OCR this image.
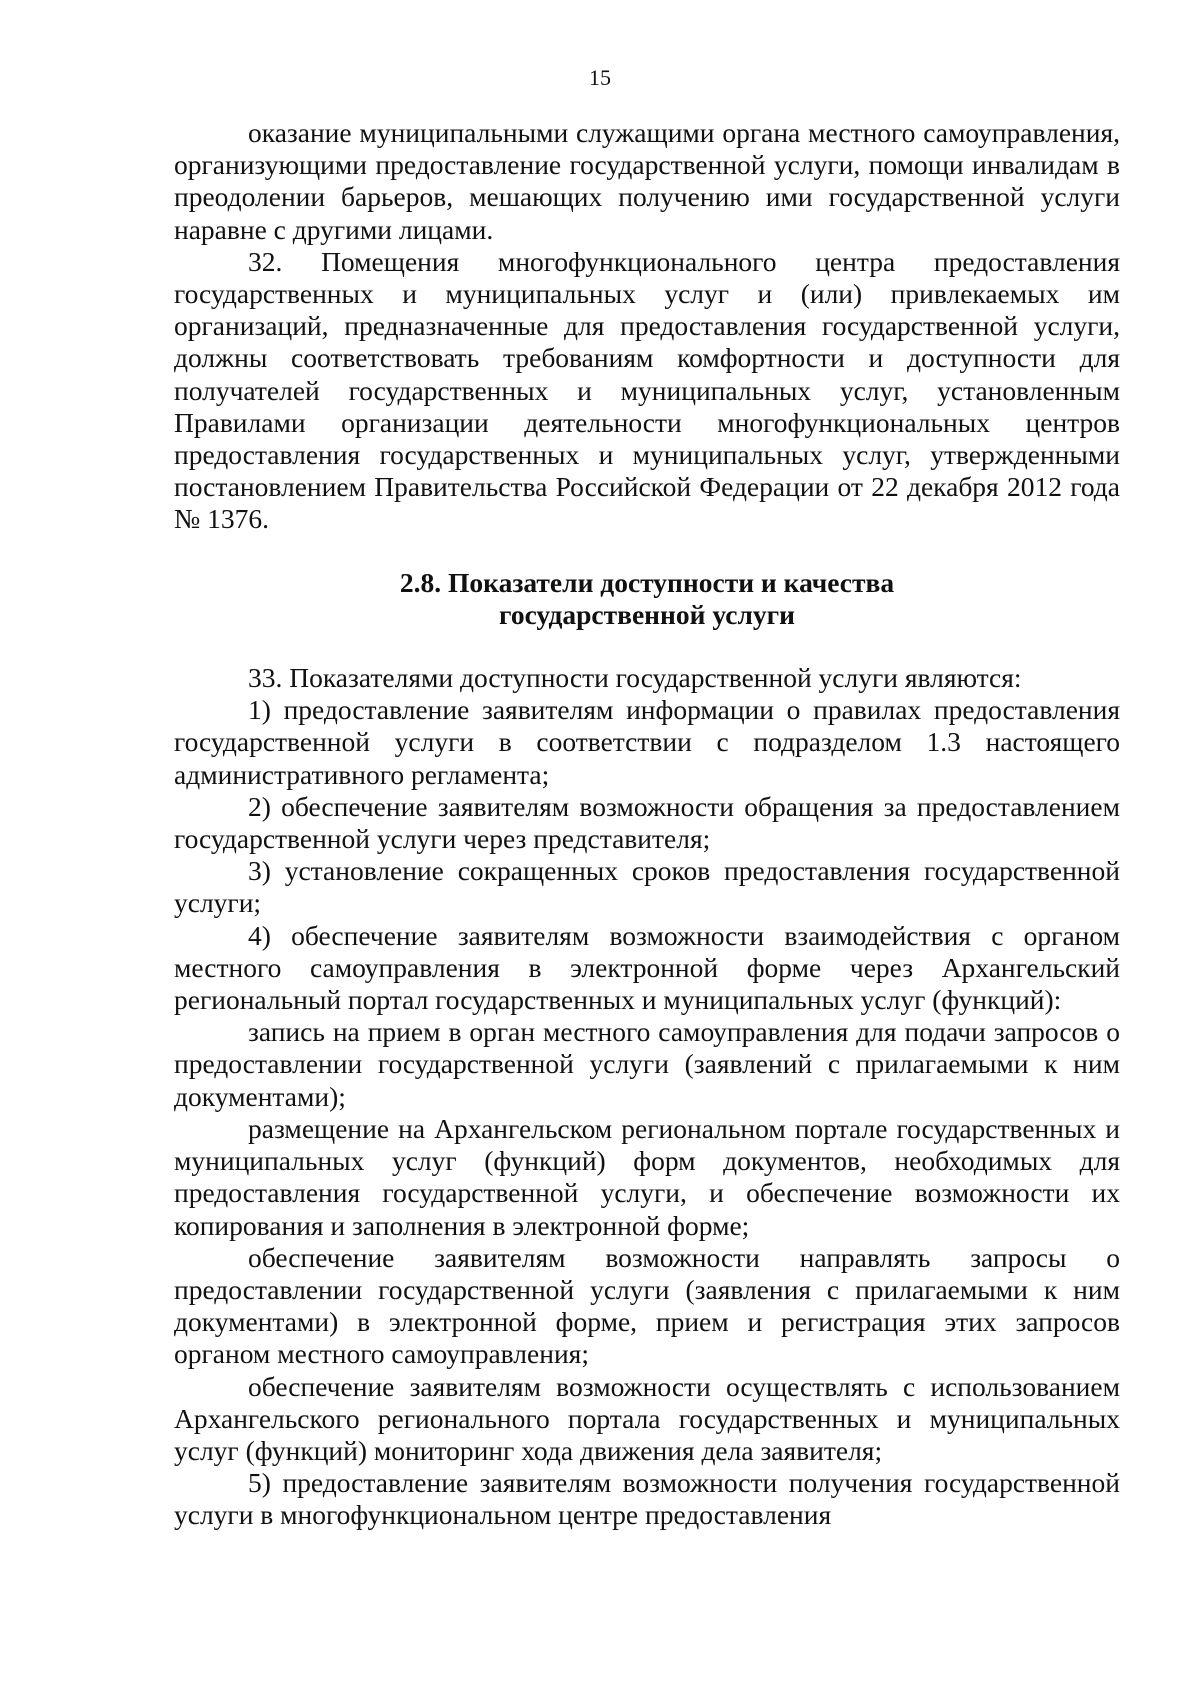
15

оказание муниципальными служащими органа местного самоуправления, организующими предоставление государственной услуги, помощи инвалидам в преодолении барьеров, мешающих получению ими государственной услуги наравне с другими лицами.

32. Помещения многофункционального центра предоставления государственных и муниципальных услуг и (или) привлекаемых им организаций, предназначенные для предоставления государственной услуги, должны соответствовать требованиям комфортности и доступности для получателей государственных и муниципальных услуг, установленным Правилами организации деятельности многофункциональных центров предоставления государственных и муниципальных услуг, утвержденными постановлением Правительства Российской Федерации от 22 декабря 2012 года № 1376.

2.8. Показатели доступности и качества
государственной услуги

33. Показателями доступности государственной услуги являются:

1) предоставление заявителям информации о правилах предоставления государственной услуги в соответствии с подразделом 1.3 настоящего административного регламента;

2) обеспечение заявителям возможности обращения за предоставлением государственной услуги через представителя;

3) установление сокращенных сроков предоставления государственной услуги;

4) обеспечение заявителям возможности взаимодействия с органом местного самоуправления в электронной форме через Архангельский региональный портал государственных и муниципальных услуг (функций):

запись на прием в орган местного самоуправления для подачи запросов о предоставлении государственной услуги (заявлений с прилагаемыми к ним документами);

размещение на Архангельском региональном портале государственных и муниципальных услуг (функций) форм документов, необходимых для предоставления государственной услуги, и обеспечение возможности их копирования и заполнения в электронной форме;

обеспечение заявителям возможности направлять запросы о предоставлении государственной услуги (заявления с прилагаемыми к ним документами) в электронной форме, прием и регистрация этих запросов органом местного самоуправления;

обеспечение заявителям возможности осуществлять с использованием Архангельского регионального портала государственных и муниципальных услуг (функций) мониторинг хода движения дела заявителя;

5) предоставление заявителям возможности получения государственной услуги в многофункциональном центре предоставления
